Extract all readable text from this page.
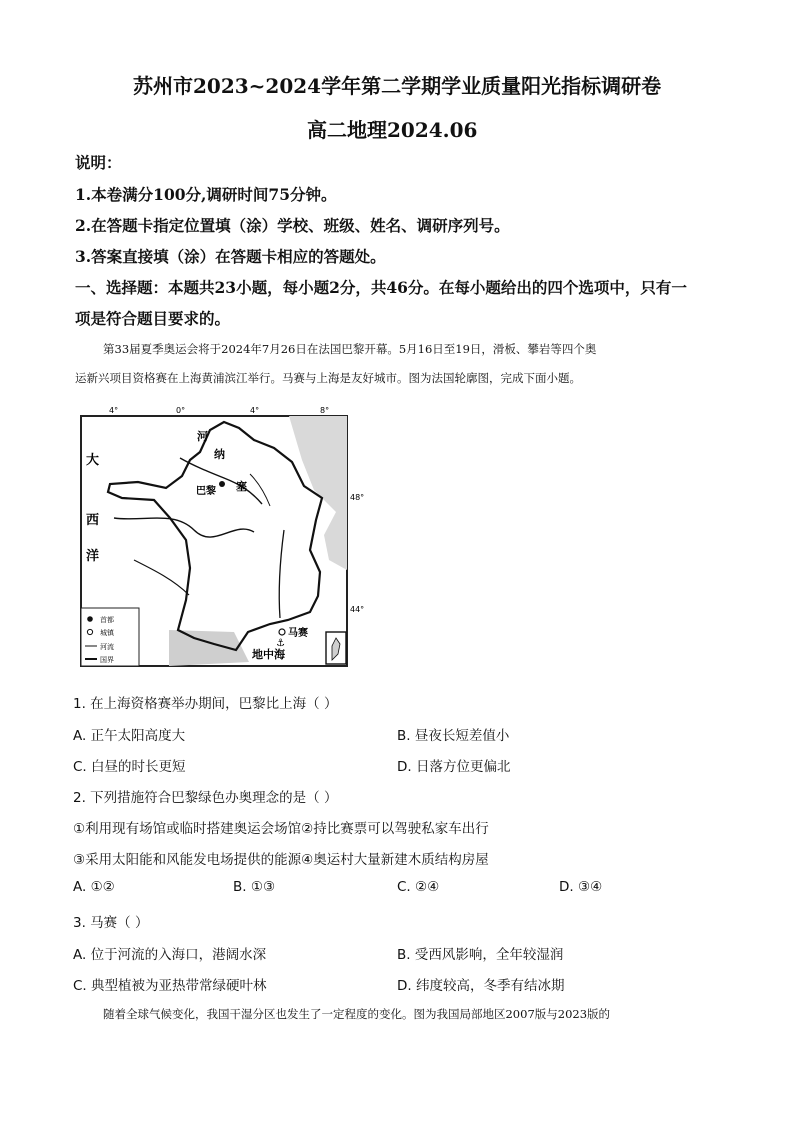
苏州市2023~2024学年第二学期学业质量阳光指标调研卷
高二地理2024.06
说明：
1.本卷满分100分,调研时间75分钟。
2.在答题卡指定位置填（涂）学校、班级、姓名、调研序列号。
3.答案直接填（涂）在答题卡相应的答题处。
一、选择题：本题共23小题，每小题2分，共46分。在每小题给出的四个选项中，只有一
项是符合题目要求的。
第33届夏季奥运会将于2024年7月26日在法国巴黎开幕。5月16日至19日，滑板、攀岩等四个奥
运新兴项目资格赛在上海黄浦滨江举行。马赛与上海是友好城市。图为法国轮廓图，完成下面小题。
4°	0°	4°	8°
48°
44°
大
西
洋
河
纳
塞
巴黎
马赛
⚓
地中海
首都
城镇
河流
国界
1. 在上海资格赛举办期间，巴黎比上海（ ）
A. 正午太阳高度大	B. 昼夜长短差值小
C. 白昼的时长更短	D. 日落方位更偏北
2. 下列措施符合巴黎绿色办奥理念的是（ ）
①利用现有场馆或临时搭建奥运会场馆②持比赛票可以驾驶私家车出行
③采用太阳能和风能发电场提供的能源④奥运村大量新建木质结构房屋
A. ①②	B. ①③	C. ②④	D. ③④
3. 马赛（ ）
A. 位于河流的入海口，港阔水深	B. 受西风影响，全年较湿润
C. 典型植被为亚热带常绿硬叶林	D. 纬度较高，冬季有结冰期
随着全球气候变化，我国干湿分区也发生了一定程度的变化。图为我国局部地区2007版与2023版的
